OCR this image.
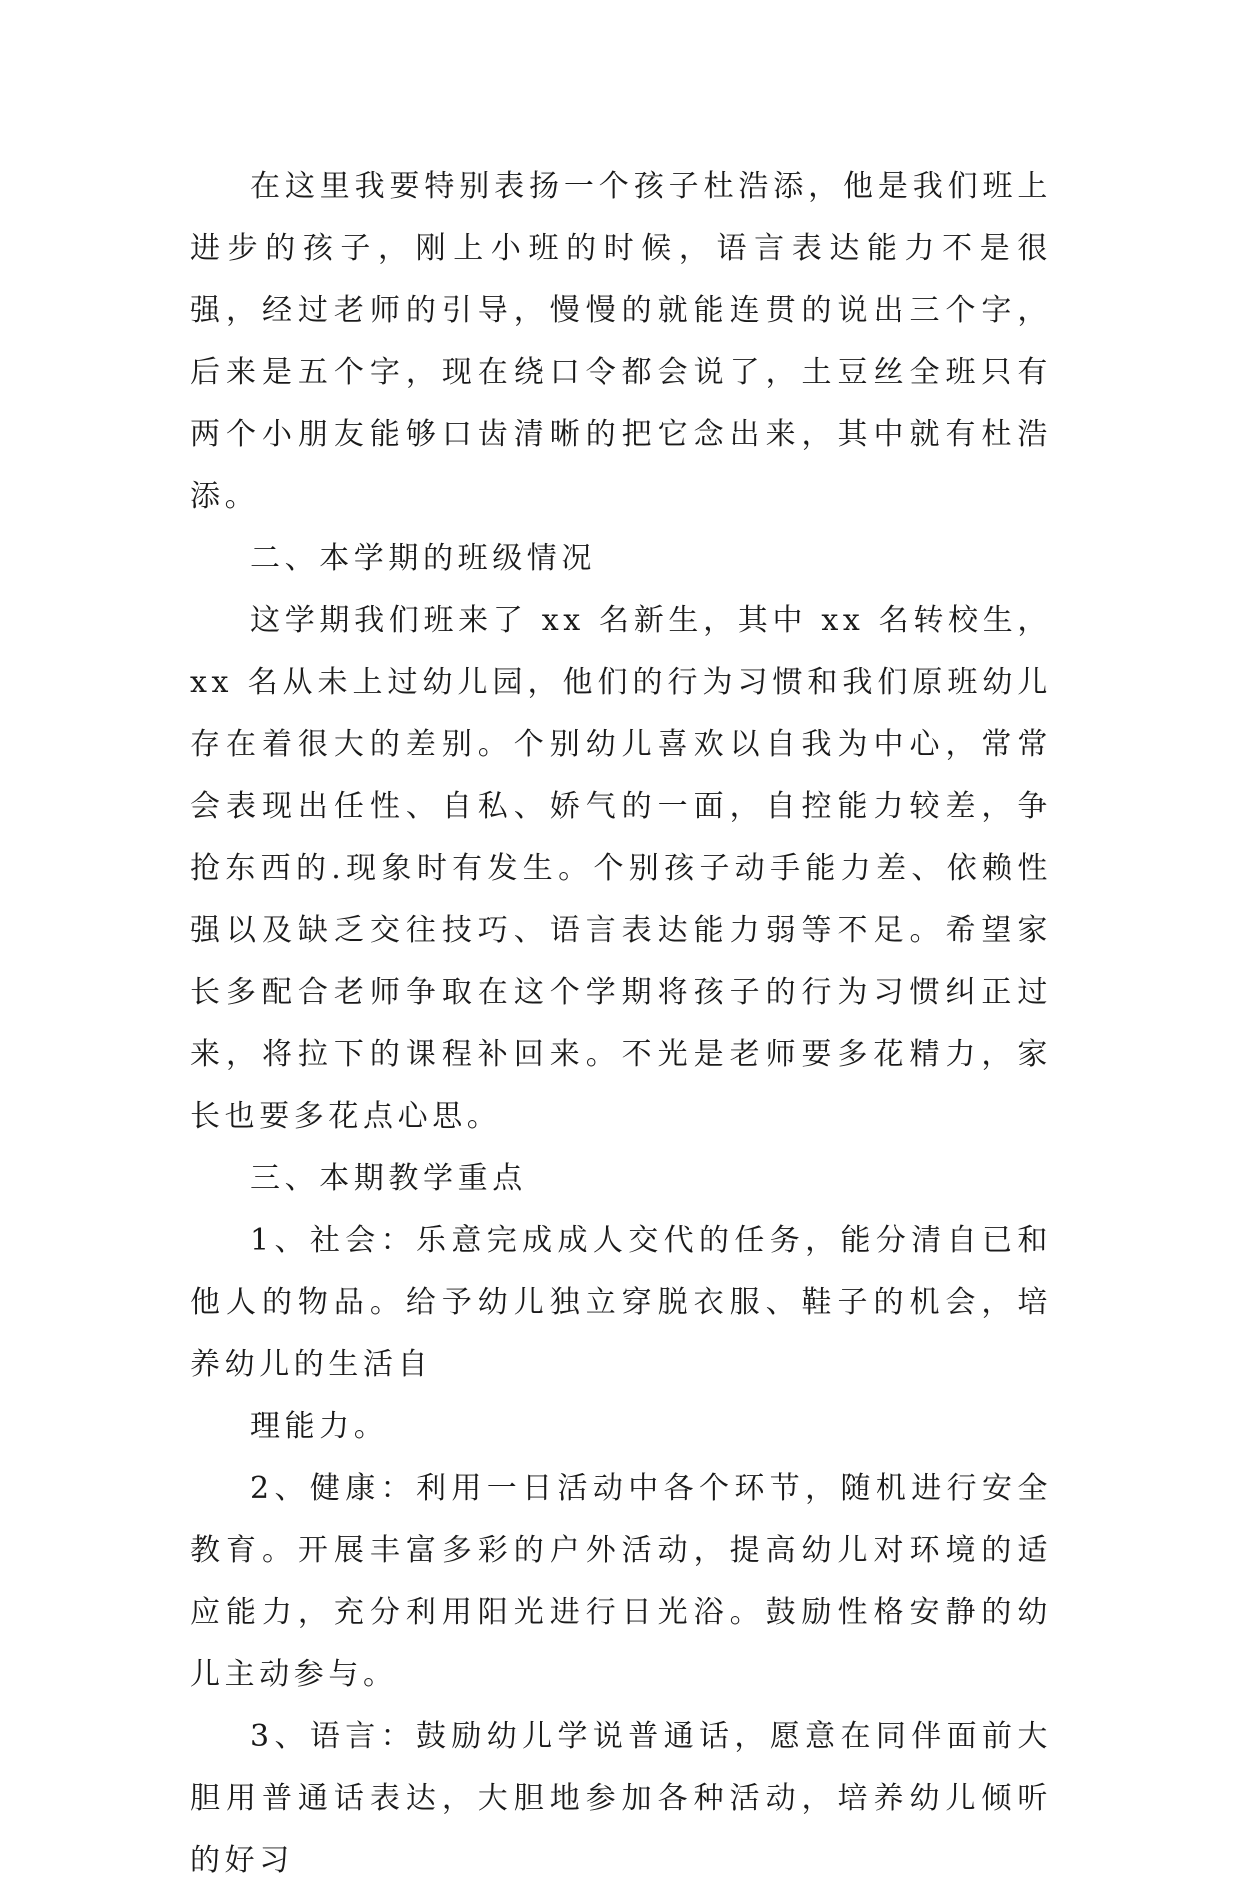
在这里我要特别表扬一个孩子杜浩添，他是我们班上进步的孩子，刚上小班的时候，语言表达能力不是很强，经过老师的引导，慢慢的就能连贯的说出三个字，后来是五个字，现在绕口令都会说了，土豆丝全班只有两个小朋友能够口齿清晰的把它念出来，其中就有杜浩添。

二、本学期的班级情况

这学期我们班来了 xx 名新生，其中 xx 名转校生，xx 名从未上过幼儿园，他们的行为习惯和我们原班幼儿存在着很大的差别。个别幼儿喜欢以自我为中心，常常会表现出任性、自私、娇气的一面，自控能力较差，争抢东西的.现象时有发生。个别孩子动手能力差、依赖性强以及缺乏交往技巧、语言表达能力弱等不足。希望家长多配合老师争取在这个学期将孩子的行为习惯纠正过来，将拉下的课程补回来。不光是老师要多花精力，家长也要多花点心思。

三、本期教学重点

1、社会：乐意完成成人交代的任务，能分清自已和他人的物品。给予幼儿独立穿脱衣服、鞋子的机会，培养幼儿的生活自

理能力。

2、健康：利用一日活动中各个环节，随机进行安全教育。开展丰富多彩的户外活动，提高幼儿对环境的适应能力，充分利用阳光进行日光浴。鼓励性格安静的幼儿主动参与。

3、语言：鼓励幼儿学说普通话，愿意在同伴面前大胆用普通话表达，大胆地参加各种活动，培养幼儿倾听的好习
